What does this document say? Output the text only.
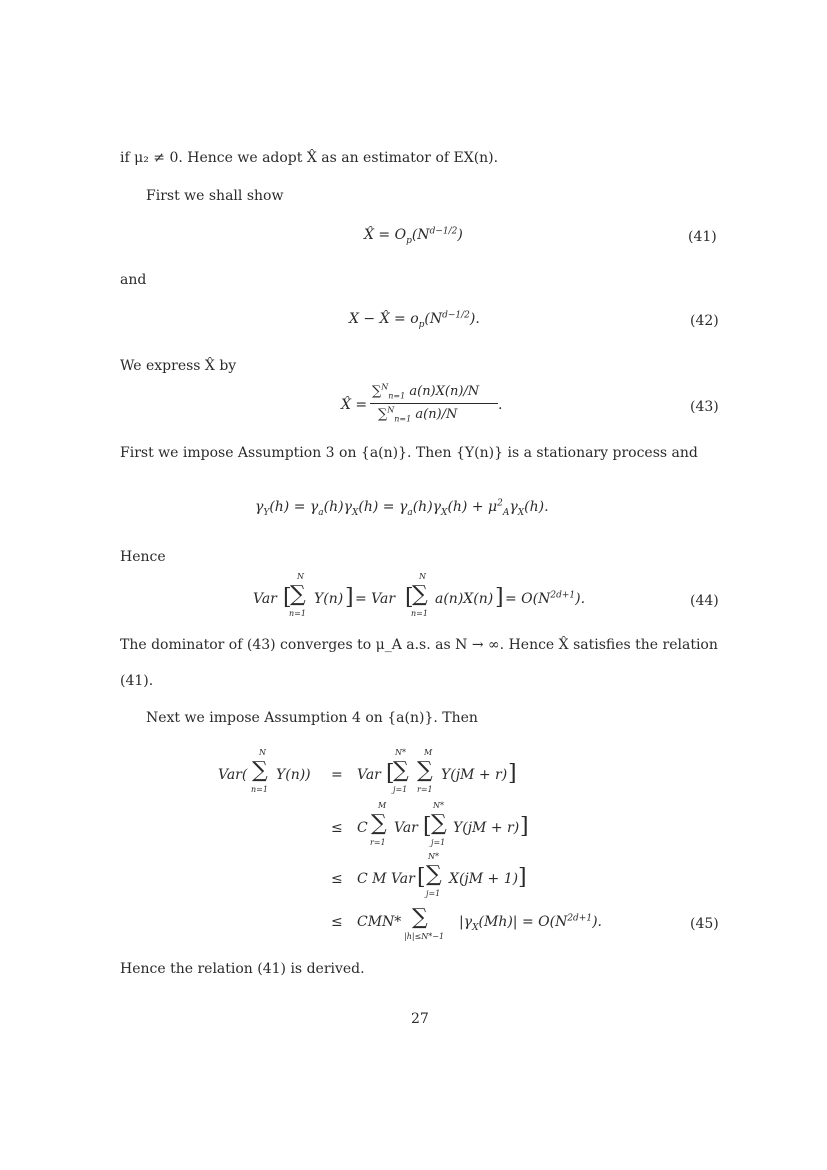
if μ₂ ≠ 0. Hence we adopt X̂ as an estimator of EX(n).
First we shall show
X̂ = $O_p(N^{d-1/2})$	(41)
and
X − X̂ = $o_p(N^{d-1/2})$.	(42)
We express X̂ by
X̂ =
∑$^N_{n=1}$ a(n)X(n)/N
∑$^N_{n=1}$ a(n)/N
.	(43)
First we impose Assumption 3 on {a(n)}. Then {Y(n)} is a stationary process and
$\gamma_Y(h) = \gamma_a(h)\gamma_X(h) = \gamma_a(h)\gamma_X(h) + \mu^2_A\gamma_X(h)$.
Hence
Var [
N
∑
n=1
Y(n) ] = Var [
N
∑
n=1
a(n)X(n) ] = $O(N^{2d+1})$.	(44)
The dominator of (43) converges to μ_A a.s. as N → ∞. Hence X̂ satisfies the relation
(41).
Next we impose Assumption 4 on {a(n)}. Then
Var(
N
∑
n=1
Y(n)) = Var [
N*
∑
j=1
M
∑
r=1
Y(jM + r) ]
≤ C
M
∑
r=1
Var [
N*
∑
j=1
Y(jM + r) ]
≤ C M Var [
N*
∑
j=1
X(jM + 1) ]
≤ CMN* ∑
|h|≤N*−1
$|\gamma_X(Mh)| = O(N^{2d+1})$.	(45)
Hence the relation (41) is derived.
27
